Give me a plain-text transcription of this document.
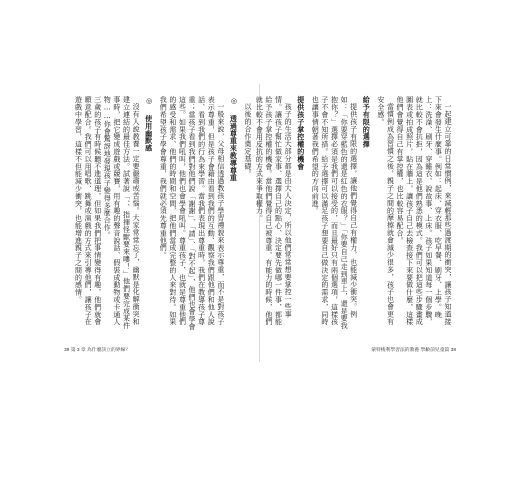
以後的合作奠定基礎。

◎ 透過尊重來教導尊重

一般來說，父母相信透過教孩子學習禮貌來表示尊重，而不是對孩子表示尊重，但是孩子會藉由看到我們的互動、觀察我們跟他們和他人說話、看到我們的行為來學習。當我們表現出尊重時，我們在教導孩子尊重；當孩子看到我們對他們說「謝謝」、「請」、「對不起」，他們也會學會這些。如果我們吼叫，他們也會學會吼叫。尊重孩子，也就是尊重他們的感受和需求、他們的時間和空間，把他們當成完整的人來對待。如果我們希望孩子學會尊重，我們就必須先尊重他們。

◎ 使用幽默感

沒有人說教養一定要嚴肅或苦惱。大家常常忘了，幽默是化解衝突和建立連結的最佳方法。試著說「、、指揮怪獸要來嘍！」他們要完成某件事時，把它變成遊戲或競賽，用有趣的聲音說話、假裝成動物或卡通人物……你會驚訝地發現孩子變得多麼合作。

三歲的孩子有時候聽不進道理，但如果我們把事情變得有趣，他們就會願意配合。我們可以用唱歌、跳舞或演戲的方式來引導他們，讓孩子在遊戲中學習，這樣不但能減少衝突，也能增進親子之間的感情。

39 第 3 章 為什麼該立的界線？

一起建立可靠的日常慣例，來減輕那些過渡期的衝突，讓孩子知道接下來會發生什麼事。例如：起床、穿衣服、吃早餐、刷牙、上學。晚上：洗澡、刷牙、穿睡衣、說故事、上床。孩子如果知道每一個步驟，就比較不會抗拒，因為這是他們熟悉的模式。我們可以把這些步驟畫成圖表或拍成照片，貼在牆上，讓孩子自己去檢查接下來要做什麼，這樣他們會覺得自己有掌控權，也比較容易配合。

當慣例成為習慣之後，親子之間的摩擦就會減少很多，孩子也會更有安全感。

給予有限的選擇

提供孩子有限的選擇，讓他們覺得自己有權力，也能減少衝突。例如：「你要穿藍色的還是紅色的衣服？」「你要自己走到車上，還是要我抱你？」選擇必須是我們可以接受的，而且最好只有兩個選項，這樣孩子不會不知所措。給予選擇可以滿足孩子想要自己做決定的需求，同時也讓事情朝著我們希望的方向前進。

提供孩子掌控權的機會

孩子的生活大部分都是由大人決定，所以他們常常想要掌控一些事情。讓孩子幫忙做家事、選擇自己的點心、決定要先做哪一件事，都能給予孩子掌控權的機會。當他們覺得自己被尊重、有能力的時候，他們就比較不會用反抗的方式來爭取權力。

蒙特梭利學習法的教養 學齡前兒童篇 38
